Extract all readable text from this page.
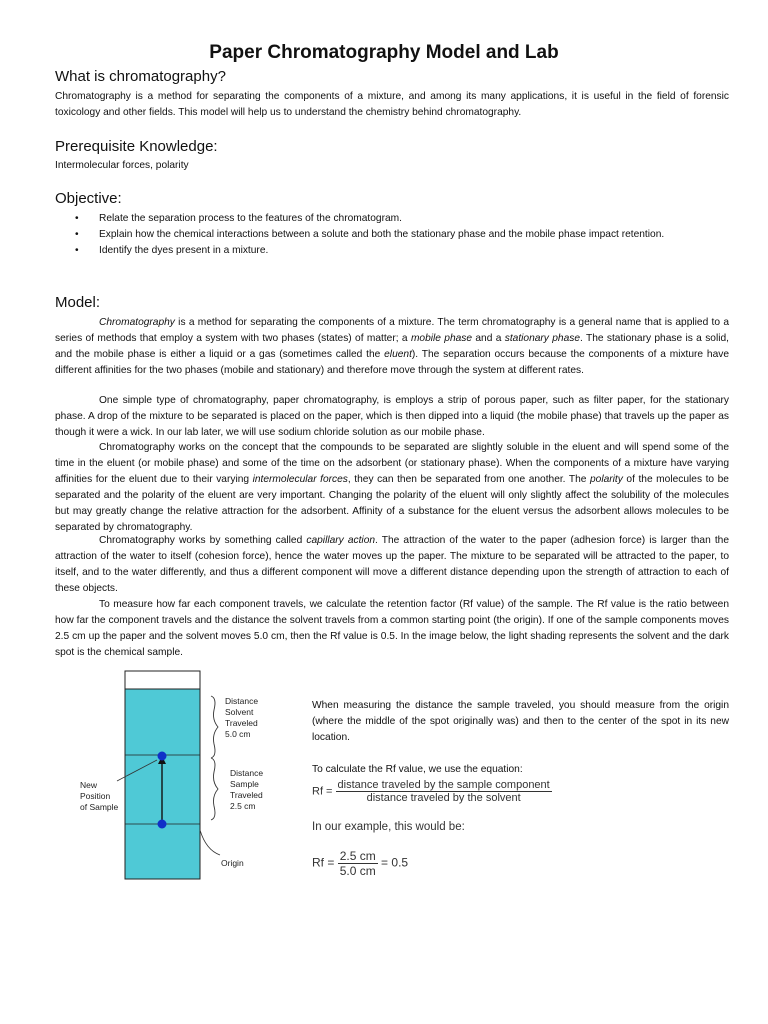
Paper Chromatography Model and Lab
What is chromatography?
Chromatography is a method for separating the components of a mixture, and among its many applications, it is useful in the field of forensic toxicology and other fields. This model will help us to understand the chemistry behind chromatography.
Prerequisite Knowledge:
Intermolecular forces, polarity
Objective:
• Relate the separation process to the features of the chromatogram.
• Explain how the chemical interactions between a solute and both the stationary phase and the mobile phase impact retention.
• Identify the dyes present in a mixture.
Model:
Chromatography is a method for separating the components of a mixture. The term chromatography is a general name that is applied to a series of methods that employ a system with two phases (states) of matter; a mobile phase and a stationary phase. The stationary phase is a solid, and the mobile phase is either a liquid or a gas (sometimes called the eluent). The separation occurs because the components of a mixture have different affinities for the two phases (mobile and stationary) and therefore move through the system at different rates.
One simple type of chromatography, paper chromatography, is employs a strip of porous paper, such as filter paper, for the stationary phase. A drop of the mixture to be separated is placed on the paper, which is then dipped into a liquid (the mobile phase) that travels up the paper as though it were a wick. In our lab later, we will use sodium chloride solution as our mobile phase.
Chromatography works on the concept that the compounds to be separated are slightly soluble in the eluent and will spend some of the time in the eluent (or mobile phase) and some of the time on the adsorbent (or stationary phase). When the components of a mixture have varying affinities for the eluent due to their varying intermolecular forces, they can then be separated from one another. The polarity of the molecules to be separated and the polarity of the eluent are very important. Changing the polarity of the eluent will only slightly affect the solubility of the molecules but may greatly change the relative attraction for the adsorbent. Affinity of a substance for the eluent versus the adsorbent allows molecules to be separated by chromatography.
Chromatography works by something called capillary action. The attraction of the water to the paper (adhesion force) is larger than the attraction of the water to itself (cohesion force), hence the water moves up the paper. The mixture to be separated will be attracted to the paper, to itself, and to the water differently, and thus a different component will move a different distance depending upon the strength of attraction to each of these objects.
To measure how far each component travels, we calculate the retention factor (Rf value) of the sample. The Rf value is the ratio between how far the component travels and the distance the solvent travels from a common starting point (the origin). If one of the sample components moves 2.5 cm up the paper and the solvent moves 5.0 cm, then the Rf value is 0.5. In the image below, the light shading represents the solvent and the dark spot is the chemical sample.
Distance
Solvent
Traveled
5.0 cm
Distance
Sample
Traveled
2.5 cm
New
Position
of Sample
Origin
When measuring the distance the sample traveled, you should measure from the origin (where the middle of the spot originally was) and then to the center of the spot in its new location.
To calculate the Rf value, we use the equation:
$Rf = \frac{\text{distance traveled by the sample component}}{\text{distance traveled by the solvent}}$
In our example, this would be:
$Rf = \frac{2.5 cm}{5.0 cm} = 0.5$
